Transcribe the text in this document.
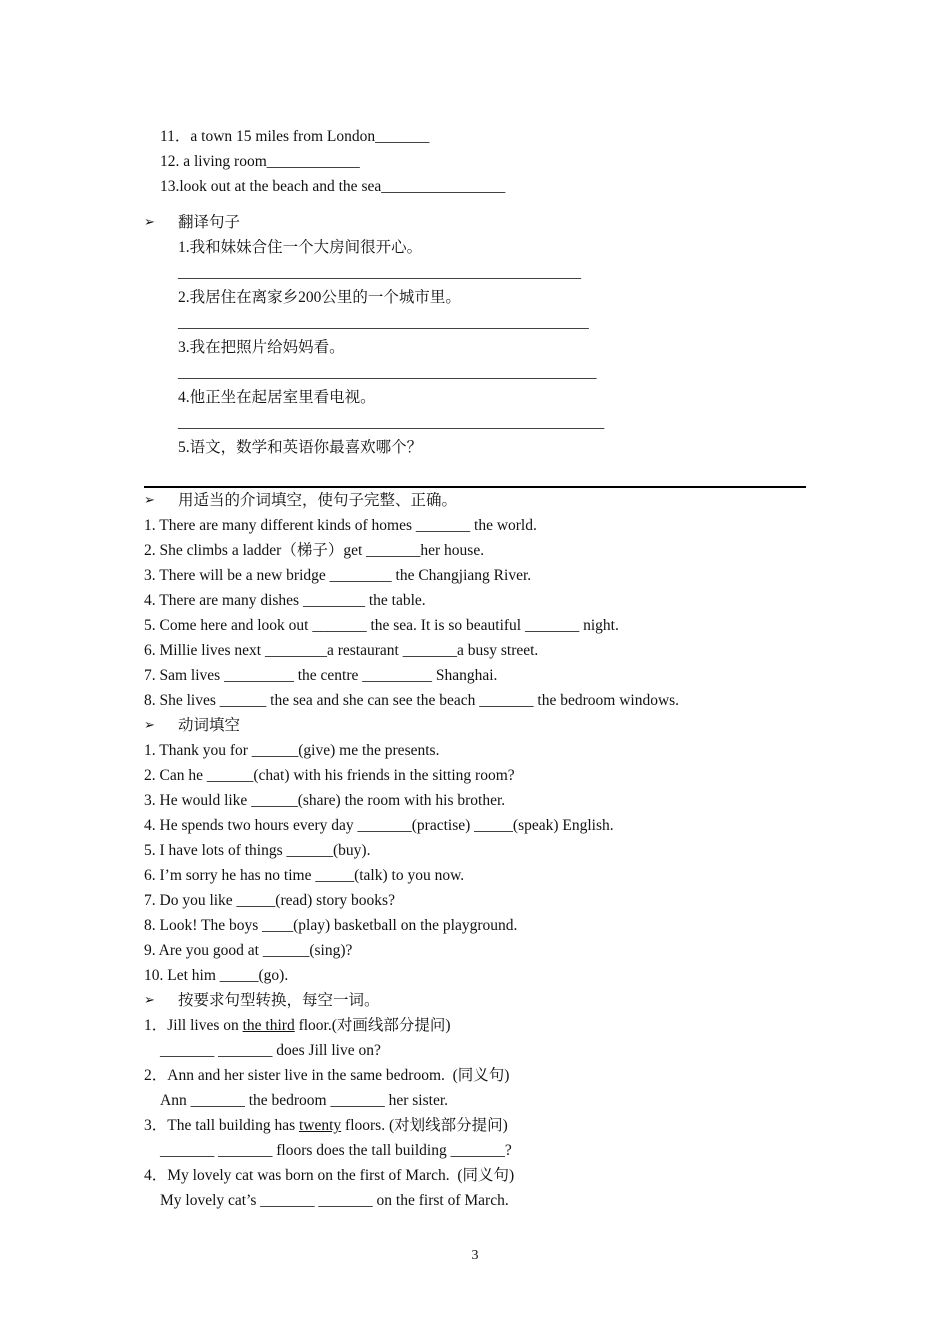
11．a town 15 miles from London_______
12. a living room____________
13.look out at the beach and the sea________________
➢ 翻译句子
1.我和妹妹合住一个大房间很开心。
____________________________________________________
2.我居住在离家乡200公里的一个城市里。
_____________________________________________________
3.我在把照片给妈妈看。
______________________________________________________
4.他正坐在起居室里看电视。
_______________________________________________________
5.语文，数学和英语你最喜欢哪个？
➢ 用适当的介词填空，使句子完整、正确。
1. There are many different kinds of homes _______ the world.
2. She climbs a ladder（梯子）get _______her house.
3. There will be a new bridge ________ the Changjiang River.
4. There are many dishes ________ the table.
5. Come here and look out _______ the sea. It is so beautiful _______ night.
6. Millie lives next ________a restaurant _______a busy street.
7. Sam lives _________ the centre _________ Shanghai.
8. She lives ______ the sea and she can see the beach _______ the bedroom windows.
➢ 动词填空
1. Thank you for ______(give) me the presents.
2. Can he ______(chat) with his friends in the sitting room?
3. He would like ______(share) the room with his brother.
4. He spends two hours every day _______(practise) _____(speak) English.
5. I have lots of things ______(buy).
6. I’m sorry he has no time _____(talk) to you now.
7. Do you like _____(read) story books?
8. Look! The boys ____(play) basketball on the playground.
9. Are you good at ______(sing)?
10. Let him _____(go).
➢ 按要求句型转换，每空一词。
1．Jill lives on the third floor.(对画线部分提问)
_______ _______ does Jill live on?
2．Ann and her sister live in the same bedroom.  (同义句)
Ann _______ the bedroom _______ her sister.
3．The tall building has twenty floors. (对划线部分提问)
_______ _______ floors does the tall building _______?
4．My lovely cat was born on the first of March.  (同义句)
My lovely cat’s _______ _______ on the first of March.
3
